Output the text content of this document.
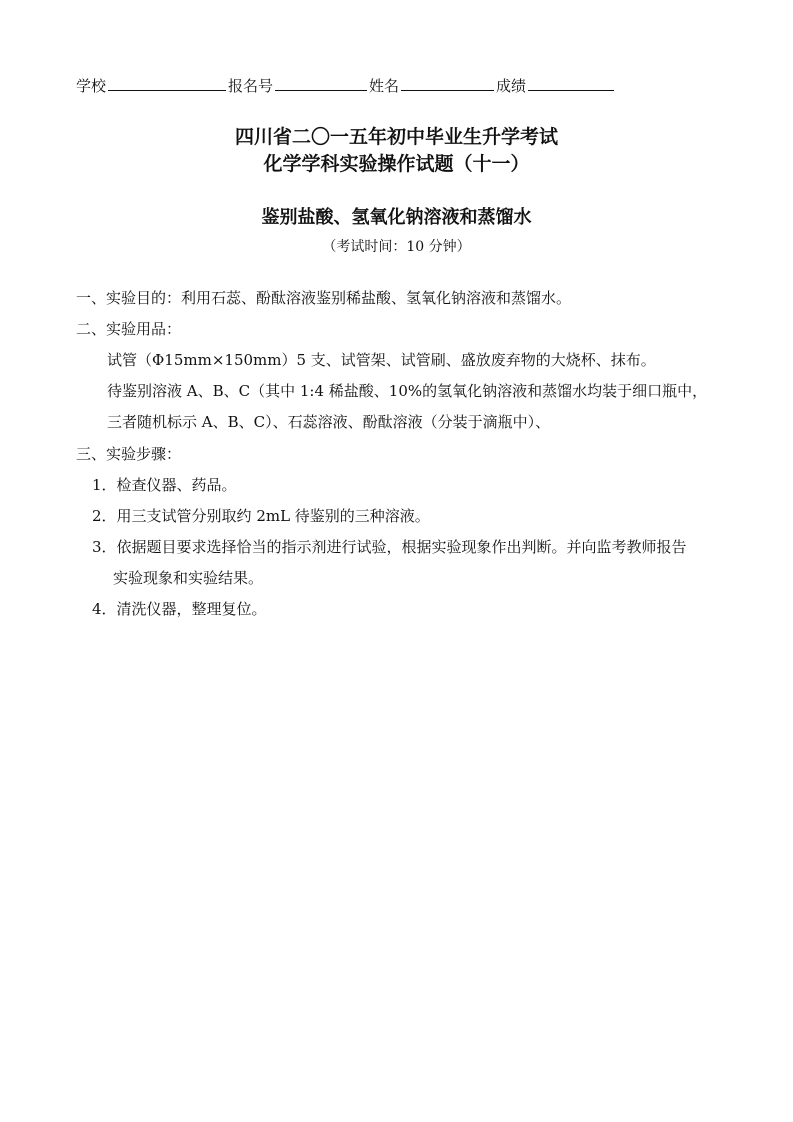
学校	报名号	姓名	成绩
四川省二〇一五年初中毕业生升学考试
化学学科实验操作试题（十一）
鉴别盐酸、氢氧化钠溶液和蒸馏水
（考试时间：10 分钟）
一、实验目的：利用石蕊、酚酞溶液鉴别稀盐酸、氢氧化钠溶液和蒸馏水。
二、实验用品：
试管（Φ15mm×150mm）5 支、试管架、试管刷、盛放废弃物的大烧杯、抹布。
待鉴别溶液 A、B、C（其中 1:4 稀盐酸、10%的氢氧化钠溶液和蒸馏水均装于细口瓶中，
三者随机标示 A、B、C）、石蕊溶液、酚酞溶液（分装于滴瓶中）、
三、实验步骤：
1．检查仪器、药品。
2．用三支试管分别取约 2mL 待鉴别的三种溶液。
3．依据题目要求选择恰当的指示剂进行试验，根据实验现象作出判断。并向监考教师报告
实验现象和实验结果。
4．清洗仪器，整理复位。
